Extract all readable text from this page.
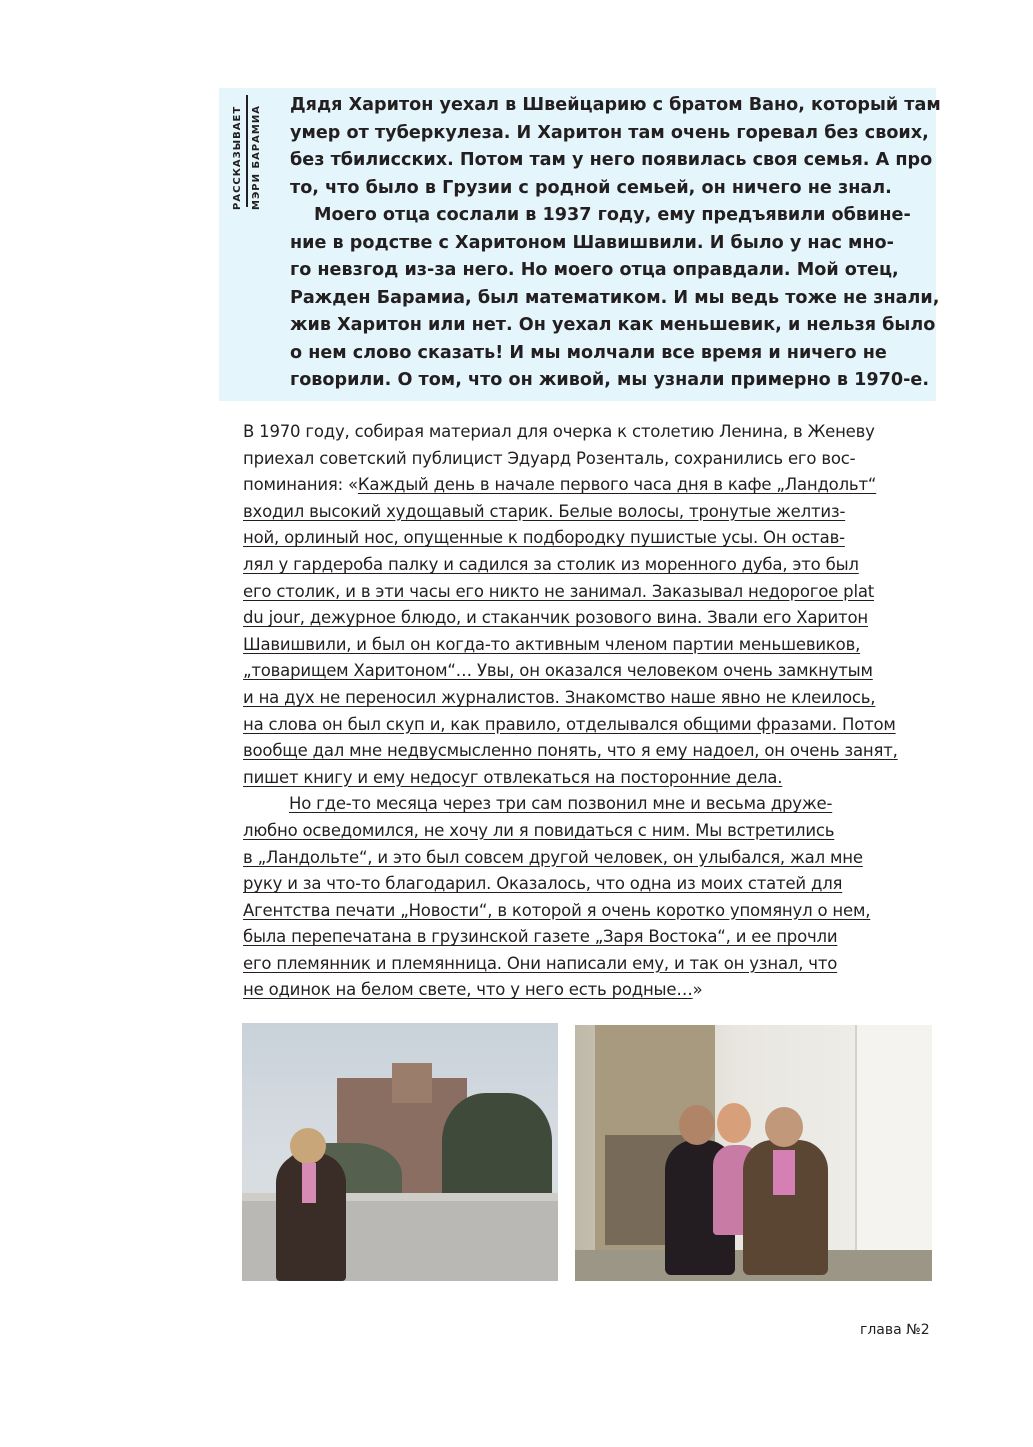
РАССКАЗЫВАЕТ МЭРИ БАРАМИА
Дядя Харитон уехал в Швейцарию с братом Вано, который там
умер от туберкулеза. И Харитон там очень горевал без своих,
без тбилисских. Потом там у него появилась своя семья. А про
то, что было в Грузии с родной семьей, он ничего не знал.
Моего отца сослали в 1937 году, ему предъявили обвине-
ние в родстве с Харитоном Шавишвили. И было у нас мно-
го невзгод из-за него. Но моего отца оправдали. Мой отец,
Раждeн Барамиа, был математиком. И мы ведь тоже не знали,
жив Харитон или нет. Он уехал как меньшевик, и нельзя было
о нем слово сказать! И мы молчали все время и ничего не
говорили. О том, что он живой, мы узнали примерно в 1970-е.
В 1970 году, собирая материал для очерка к столетию Ленина, в Женеву
приехал советский публицист Эдуард Розенталь, сохранились его вос-
поминания: «Каждый день в начале первого часа дня в кафе „Ландольт“
входил высокий худощавый старик. Белые волосы, тронутые желтиз-
ной, орлиный нос, опущенные к подбородку пушистые усы. Он остав-
лял у гардероба палку и садился за столик из моренного дуба, это был
его столик, и в эти часы его никто не занимал. Заказывал недорогое plat
du jour, дежурное блюдо, и стаканчик розового вина. Звали его Харитон
Шавишвили, и был он когда-то активным членом партии меньшевиков,
„товарищем Харитоном“… Увы, он оказался человеком очень замкнутым
и на дух не переносил журналистов. Знакомство наше явно не клеилось,
на слова он был скуп и, как правило, отделывался общими фразами. Потом
вообще дал мне недвусмысленно понять, что я ему надоел, он очень занят,
пишет книгу и ему недосуг отвлекаться на посторонние дела.
Но где-то месяца через три сам позвонил мне и весьма друже-
любно осведомился, не хочу ли я повидаться с ним. Мы встретились
в „Ландольте“, и это был совсем другой человек, он улыбался, жал мне
руку и за что-то благодарил. Оказалось, что одна из моих статей для
Агентства печати „Новости“, в которой я очень коротко упомянул о нем,
была перепечатана в грузинской газете „Заря Востока“, и ее прочли
его племянник и племянница. Они написали ему, и так он узнал, что
не одинок на белом свете, что у него есть родные…»
глава №2
